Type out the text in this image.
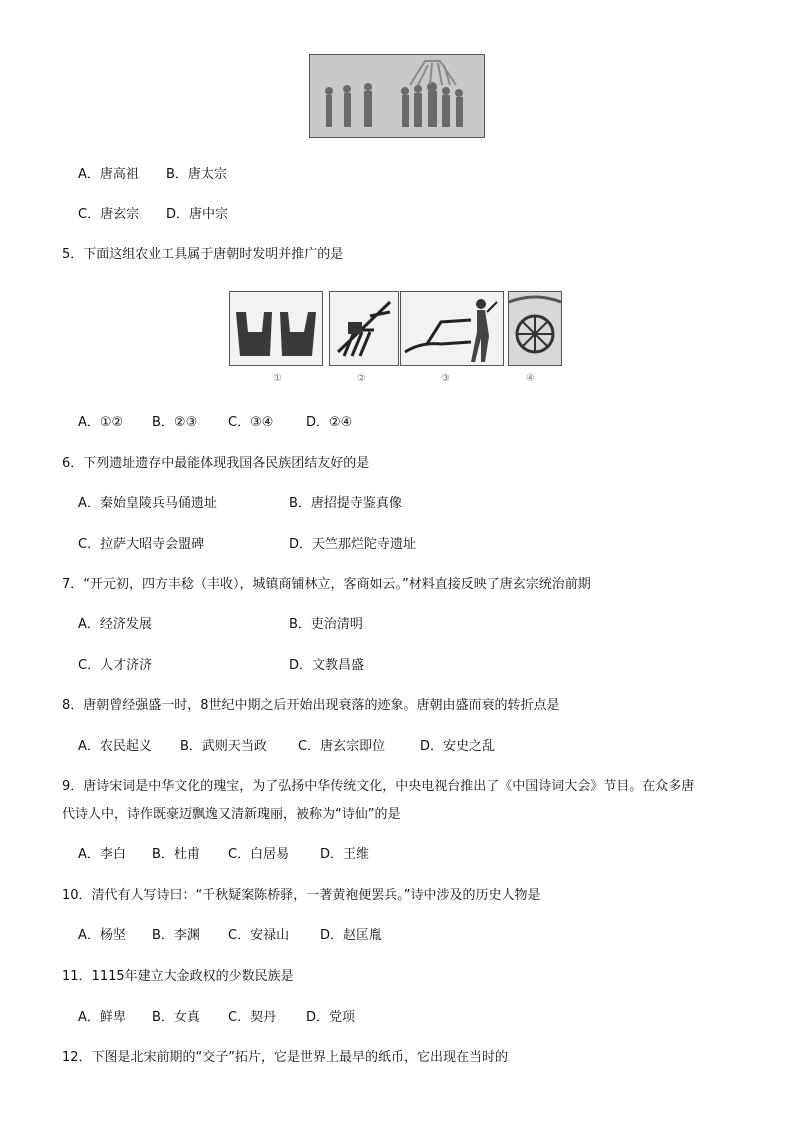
A．唐高祖 B．唐太宗
C．唐玄宗 D．唐中宗
5．下面这组农业工具属于唐朝时发明并推广的是
①	②	③	④
A．①② B．②③ C．③④	D．②④
6．下列遗址遗存中最能体现我国各民族团结友好的是
A．秦始皇陵兵马俑遗址	B．唐招提寺鉴真像
C．拉萨大昭寺会盟碑	D．天竺那烂陀寺遗址
7．“开元初，四方丰稔（丰收），城镇商铺林立，客商如云。”材料直接反映了唐玄宗统治前期
A．经济发展	B．吏治清明
C．人才济济	D．文教昌盛
8．唐朝曾经强盛一时，8世纪中期之后开始出现衰落的迹象。唐朝由盛而衰的转折点是
A．农民起义 B．武则天当政 C．唐玄宗即位	D．安史之乱
9．唐诗宋词是中华文化的瑰宝，为了弘扬中华传统文化，中央电视台推出了《中国诗词大会》节目。在众多唐
代诗人中，诗作既豪迈飘逸又清新瑰丽，被称为“诗仙”的是
A．李白 B．杜甫 C．白居易 D．王维
10．清代有人写诗曰：“千秋疑案陈桥驿，一著黄袍便罢兵。”诗中涉及的历史人物是
A．杨坚 B．李渊 C．安禄山 D．赵匡胤
11．1115年建立大金政权的少数民族是
A．鲜卑 B．女真 C．契丹 D．党项
12．下图是北宋前期的“交子”拓片，它是世界上最早的纸币，它出现在当时的
